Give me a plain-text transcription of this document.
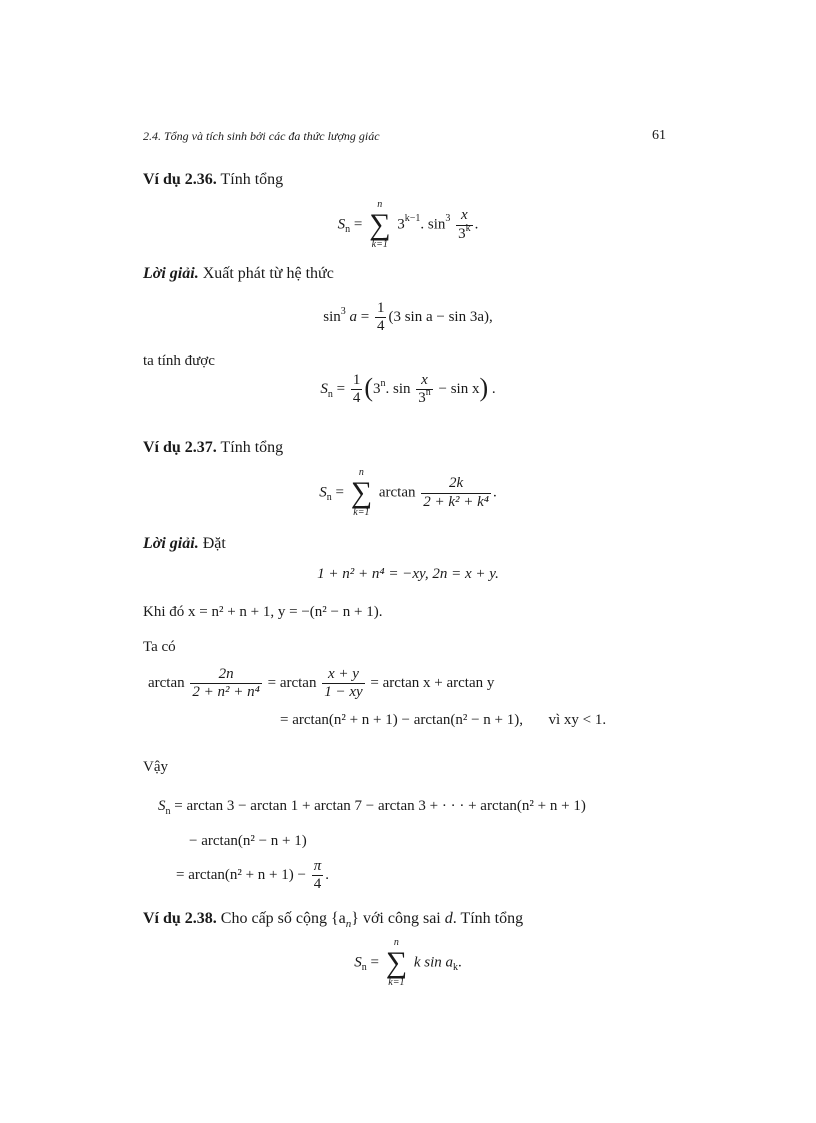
2.4. Tổng và tích sinh bởi các đa thức lượng giác	61
Ví dụ 2.36. Tính tổng
$S_n$ =
n
∑
k=1
$3^{k-1}$. $\sin^3 \frac{x}{3^k}$ .
Lời giải. Xuất phát từ hệ thức
$\sin^3 a = \frac{1}{4} (3$ sin a − sin 3a),
ta tính được
$S_n = \frac{1}{4} (3^n$. $\sin \frac{x}{3^n} - \sin x$) .
Ví dụ 2.37. Tính tổng
$S_n$ =
n
∑
k=1
$\arctan \frac{2k}{\text{2 + k² + k⁴}}$ .
Lời giải. Đặt
1 + n² + n⁴ = −xy, 2n = x + y.
Khi đó x = n² + n + 1, y = −(n² − n + 1).
Ta có
$\arctan \frac{2n}{\text{2 + n² + n⁴}} = \arctan \frac{x + y}{1 - xy} = \arctan x + \arctan y$
= arctan(n² + n + 1) − arctan(n² − n + 1), vì xy < 1.
Vậy
$S_n = \arctan 3 - \arctan 1 + \arctan 7 - \arctan 3$ + · · · + arctan(n² + n + 1)
− arctan(n² − n + 1)
= $\arctan(n^2 + n + 1) - \frac{\pi}{4}$ .
Ví dụ 2.38. Cho cấp số cộng $\{a_n\}$ với công sai d. Tính tổng
$S_n$ =
n
∑
k=1
k $\sin a_k$.
